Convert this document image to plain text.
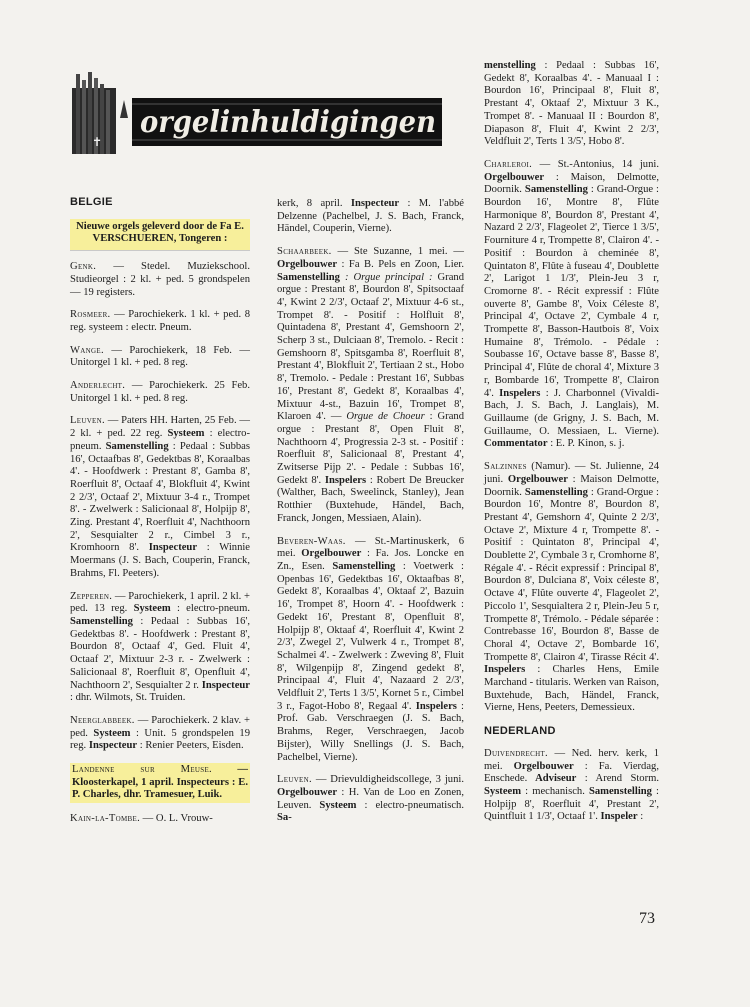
✝
orgelinhuldigingen
BELGIE
Nieuwe orgels geleverd door de Fa E. VERSCHUEREN, Tongeren :

Genk. — Stedel. Muziekschool. Studieorgel : 2 kl. + ped. 5 grondspelen — 19 registers.

Rosmeer. — Parochiekerk. 1 kl. + ped. 8 reg. systeem : electr. Pneum.

Wange. — Parochiekerk, 18 Feb. — Unitorgel 1 kl. + ped. 8 reg.

Anderlecht. — Parochiekerk. 25 Feb. Unitorgel 1 kl. + ped. 8 reg.

Leuven. — Paters HH. Harten, 25 Feb. — 2 kl. + ped. 22 reg. Systeem : electro-pneum. Samenstelling : Pedaal : Subbas 16', Octaafbas 8', Gedektbas 8', Koraalbas 4'. - Hoofdwerk : Prestant 8', Gamba 8', Roerfluit 8', Octaaf 4', Blokfluit 4', Kwint 2 2/3', Octaaf 2', Mixtuur 3-4 r., Trompet 8'. - Zwelwerk : Salicionaal 8', Holpijp 8', Zing. Prestant 4', Roerfluit 4', Nachthoorn 2', Sesquialter 2 r., Cimbel 3 r., Kromhoorn 8'. Inspecteur : Winnie Moermans (J. S. Bach, Couperin, Franck, Brahms, Fl. Peeters).

Zepperen. — Parochiekerk, 1 april. 2 kl. + ped. 13 reg. Systeem : electro-pneum. Samenstelling : Pedaal : Subbas 16', Gedektbas 8'. - Hoofdwerk : Prestant 8', Bourdon 8', Octaaf 4', Ged. Fluit 4', Octaaf 2', Mixtuur 2-3 r. - Zwelwerk : Salicionaal 8', Roerfluit 8', Openfluit 4', Nachthoorn 2', Sesquialter 2 r. Inspecteur : dhr. Wilmots, St. Truiden.

Neerglabbeek. — Parochiekerk. 2 klav. + ped. Systeem : Unit. 5 grondspelen 19 reg. Inspecteur : Renier Peeters, Eisden.

Landenne sur Meuse. — Kloosterkapel, 1 april. Inspecteurs : E. P. Charles, dhr. Tramesuer, Luik.

Kain-la-Tombe. — O. L. Vrouw-

kerk, 8 april. Inspecteur : M. l'abbé Delzenne (Pachelbel, J. S. Bach, Franck, Händel, Couperin, Vierne).

Schaarbeek. — Ste Suzanne, 1 mei. — Orgelbouwer : Fa B. Pels en Zoon, Lier. Samenstelling : Orgue principal : Grand orgue : Prestant 8', Bourdon 8', Spitsoctaaf 4', Kwint 2 2/3', Octaaf 2', Mixtuur 4-6 st., Trompet 8'. - Positif : Holfluit 8', Quintadena 8', Prestant 4', Gemshoorn 2', Scherp 3 st., Dulciaan 8', Tremolo. - Recit : Gemshoorn 8', Spitsgamba 8', Roerfluit 8', Prestant 4', Blokfluit 2', Tertiaan 2 st., Hobo 8', Tremolo. - Pedale : Prestant 16', Subbas 16', Prestant 8', Gedekt 8', Koraalbas 4', Mixtuur 4-st., Bazuin 16', Trompet 8', Klaroen 4'. — Orgue de Choeur : Grand orgue : Prestant 8', Open Fluit 8', Nachthoorn 4', Progressia 2-3 st. - Positif : Roerfluit 8', Salicionaal 8', Prestant 4', Zwitserse Pijp 2'. - Pedale : Subbas 16', Gedekt 8'. Inspelers : Robert De Breucker (Walther, Bach, Sweelinck, Stanley), Jean Rotthier (Buxtehude, Händel, Bach, Franck, Jongen, Messiaen, Alain).

Beveren-Waas. — St.-Martinuskerk, 6 mei. Orgelbouwer : Fa. Jos. Loncke en Zn., Esen. Samenstelling : Voetwerk : Openbas 16', Gedektbas 16', Oktaafbas 8', Gedekt 8', Koraalbas 4', Oktaaf 2', Bazuin 16', Trompet 8', Hoorn 4'. - Hoofdwerk : Gedekt 16', Prestant 8', Openfluit 8', Holpijp 8', Oktaaf 4', Roerfluit 4', Kwint 2 2/3', Zwegel 2', Vulwerk 4 r., Trompet 8', Schalmei 4'. - Zwelwerk : Zweving 8', Fluit 8', Wilgenpijp 8', Zingend gedekt 8', Principaal 4', Fluit 4', Nazaard 2 2/3', Veldfluit 2', Terts 1 3/5', Kornet 5 r., Cimbel 3 r., Fagot-Hobo 8', Regaal 4'. Inspelers : Prof. Gab. Verschraegen (J. S. Bach, Brahms, Reger, Verschraegen, Jacob Bijster), Willy Snellings (J. S. Bach, Pachelbel, Vierne).

Leuven. — Drievuldigheidscollege, 3 juni. Orgelbouwer : H. Van de Loo en Zonen, Leuven. Systeem : electro-pneumatisch. Sa-

menstelling : Pedaal : Subbas 16', Gedekt 8', Koraalbas 4'. - Manuaal I : Bourdon 16', Principaal 8', Fluit 8', Prestant 4', Oktaaf 2', Mixtuur 3 K., Trompet 8'. - Manuaal II : Bourdon 8', Diapason 8', Fluit 4', Kwint 2 2/3', Veldfluit 2', Terts 1 3/5', Hobo 8'.

Charleroi. — St.-Antonius, 14 juni. Orgelbouwer : Maison, Delmotte, Doornik. Samenstelling : Grand-Orgue : Bourdon 16', Montre 8', Flûte Harmonique 8', Bourdon 8', Prestant 4', Nazard 2 2/3', Flageolet 2', Tierce 1 3/5', Fourniture 4 r, Trompette 8', Clairon 4'. - Positif : Bourdon à cheminée 8', Quintaton 8', Flûte à fuseau 4', Doublette 2', Larigot 1 1/3', Plein-Jeu 3 r, Cromorne 8'. - Récit expressif : Flûte ouverte 8', Gambe 8', Voix Céleste 8', Principal 4', Octave 2', Cymbale 4 r, Trompette 8', Basson-Hautbois 8', Voix Humaine 8', Trémolo. - Pédale : Soubasse 16', Octave basse 8', Basse 8', Principal 4', Flûte de choral 4', Mixture 3 r, Bombarde 16', Trompette 8', Clairon 4'. Inspelers : J. Charbonnel (Vivaldi-Bach, J. S. Bach, J. Langlais), M. Guillaume (de Grigny, J. S. Bach, M. Guillaume, O. Messiaen, L. Vierne). Commentator : E. P. Kinon, s. j.

Salzinnes (Namur). — St. Julienne, 24 juni. Orgelbouwer : Maison Delmotte, Doornik. Samenstelling : Grand-Orgue : Bourdon 16', Montre 8', Bourdon 8', Prestant 4', Gemshorn 4', Quinte 2 2/3', Octave 2', Mixture 4 r, Trompette 8'. - Positif : Quintaton 8', Principal 4', Doublette 2', Cymbale 3 r, Cromhorne 8', Régale 4'. - Récit expressif : Principal 8', Bourdon 8', Dulciana 8', Voix céleste 8', Octave 4', Flûte ouverte 4', Flageolet 2', Piccolo 1', Sesquialtera 2 r, Plein-Jeu 5 r, Trompette 8', Trémolo. - Pédale séparée : Contrebasse 16', Bourdon 8', Basse de Choral 4', Octave 2', Bombarde 16', Trompette 8', Clairon 4', Tirasse Récit 4'. Inspelers : Charles Hens, Emile Marchand - titularis. Werken van Raison, Buxtehude, Bach, Händel, Franck, Vierne, Hens, Peeters, Demessieux.

NEDERLAND

Duivendrecht. — Ned. herv. kerk, 1 mei. Orgelbouwer : Fa. Vierdag, Enschede. Adviseur : Arend Storm. Systeem : mechanisch. Samenstelling : Holpijp 8', Roerfluit 4', Prestant 2', Quintfluit 1 1/3', Octaaf 1'. Inspeler :

73
